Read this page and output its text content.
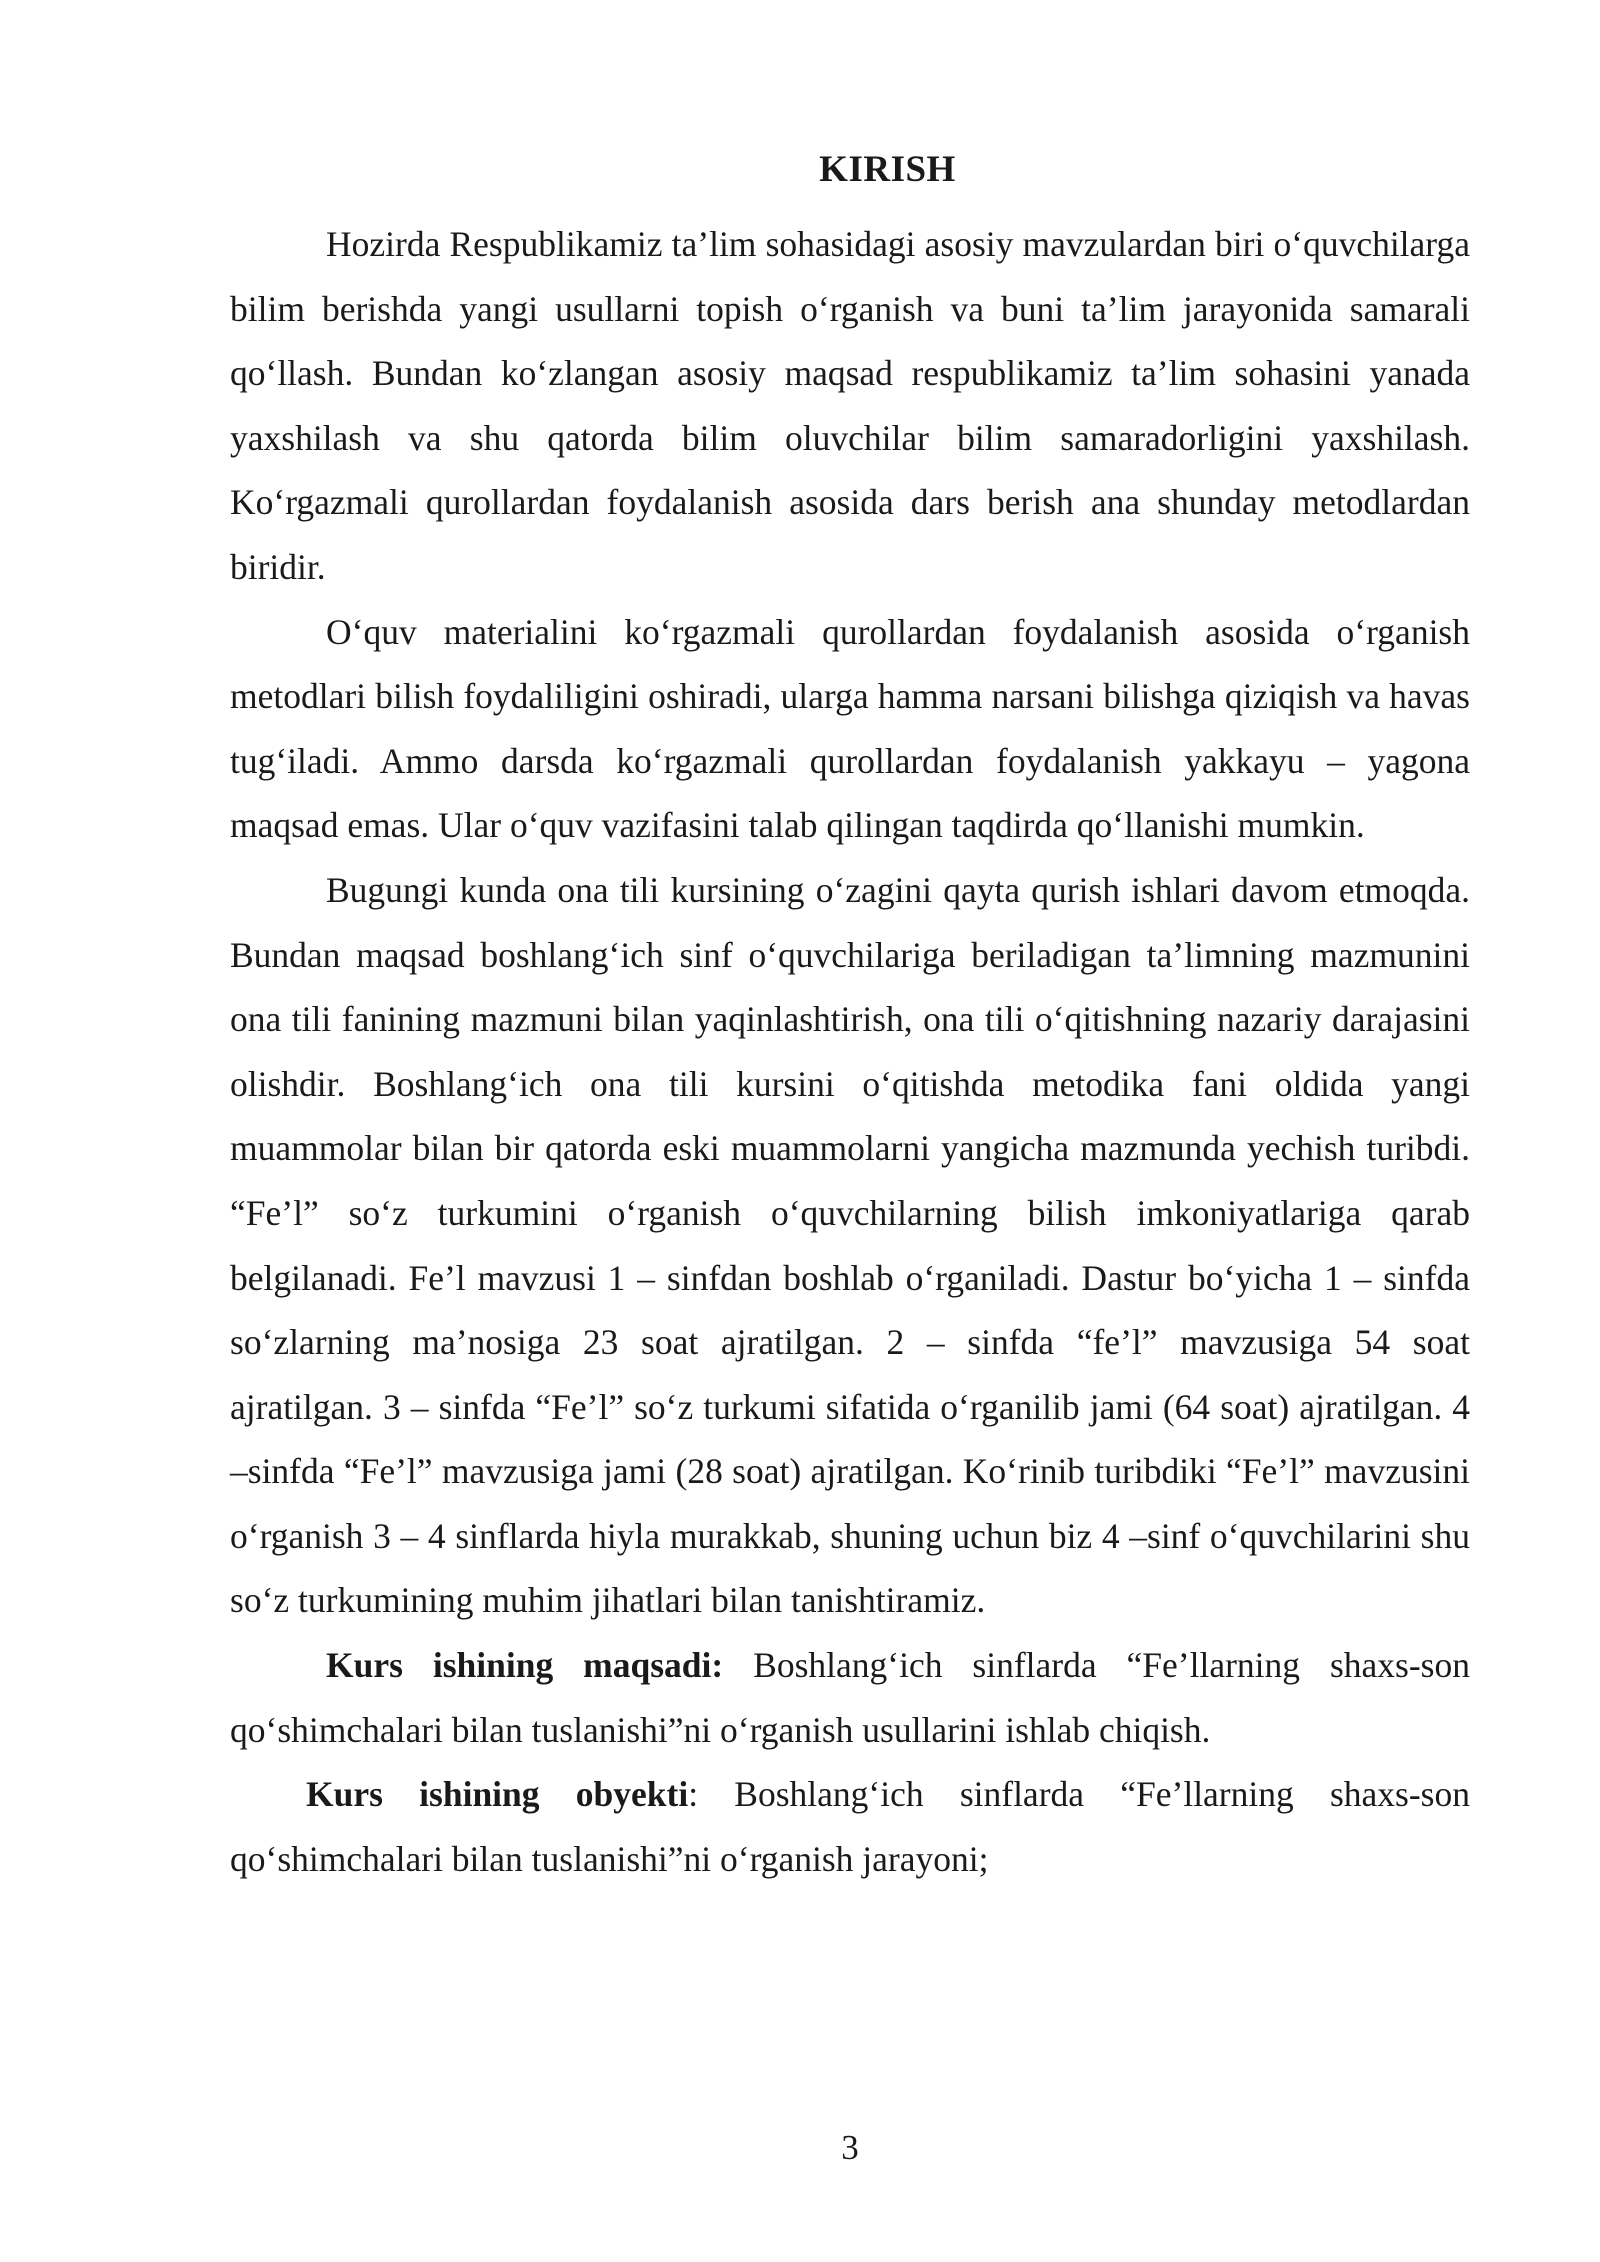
KIRISH

Hozirda Respublikamiz ta’lim sohasidagi asosiy mavzulardan biri o‘quvchilarga bilim berishda yangi usullarni topish o‘rganish va buni ta’lim jarayonida samarali qo‘llash. Bundan ko‘zlangan asosiy maqsad respublikamiz ta’lim sohasini yanada yaxshilash va shu qatorda bilim oluvchilar bilim samaradorligini yaxshilash. Ko‘rgazmali qurollardan foydalanish asosida dars berish ana shunday metodlardan biridir.

O‘quv materialini ko‘rgazmali qurollardan foydalanish asosida o‘rganish metodlari bilish foydaliligini oshiradi, ularga hamma narsani bilishga qiziqish va havas tug‘iladi. Ammo darsda ko‘rgazmali qurollardan foydalanish yakkayu – yagona maqsad emas. Ular o‘quv vazifasini talab qilingan taqdirda qo‘llanishi mumkin.

Bugungi kunda ona tili kursining o‘zagini qayta qurish ishlari davom etmoqda. Bundan maqsad boshlang‘ich sinf o‘quvchilariga beriladigan ta’limning mazmunini ona tili fanining mazmuni bilan yaqinlashtirish, ona tili o‘qitishning nazariy darajasini olishdir. Boshlang‘ich ona tili kursini o‘qitishda metodika fani oldida yangi muammolar bilan bir qatorda eski muammolarni yangicha mazmunda yechish turibdi. “Fe’l” so‘z turkumini o‘rganish o‘quvchilarning bilish imkoniyatlariga qarab belgilanadi. Fe’l mavzusi 1 – sinfdan boshlab o‘rganiladi. Dastur bo‘yicha 1 – sinfda so‘zlarning ma’nosiga 23 soat ajratilgan. 2 – sinfda “fe’l” mavzusiga 54 soat ajratilgan. 3 – sinfda “Fe’l” so‘z turkumi sifatida o‘rganilib jami (64 soat) ajratilgan. 4 –sinfda “Fe’l” mavzusiga jami (28 soat) ajratilgan. Ko‘rinib turibdiki “Fe’l” mavzusini o‘rganish 3 – 4 sinflarda hiyla murakkab, shuning uchun biz 4 –sinf o‘quvchilarini shu so‘z turkumining muhim jihatlari bilan tanishtiramiz.

Kurs ishining maqsadi: Boshlang‘ich sinflarda “Fe’llarning shaxs-son qo‘shimchalari bilan tuslanishi”ni o‘rganish usullarini ishlab chiqish.

Kurs ishining obyekti: Boshlang‘ich sinflarda “Fe’llarning shaxs-son qo‘shimchalari bilan tuslanishi”ni o‘rganish jarayoni;

3
